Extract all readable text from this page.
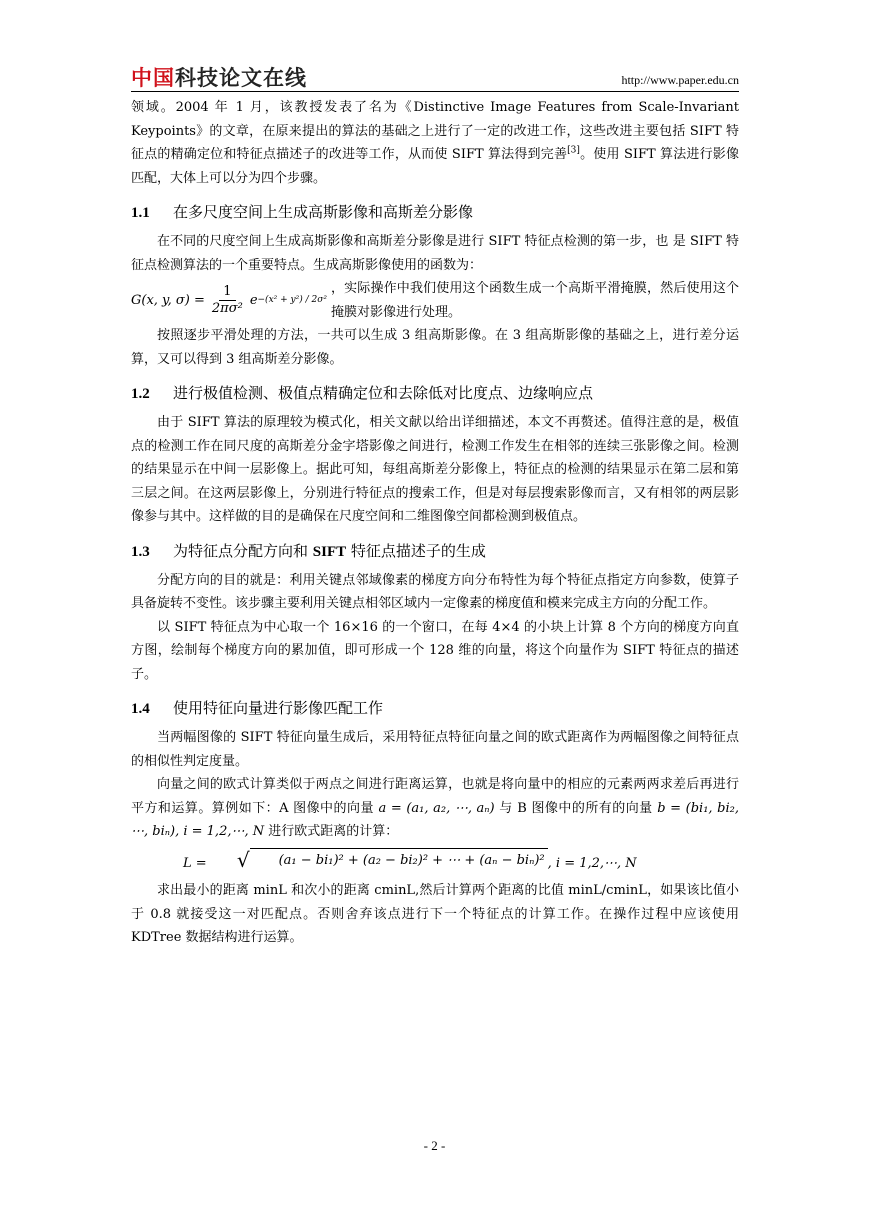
中国科技论文在线	http://www.paper.edu.cn

领域。2004 年 1 月，该教授发表了名为《Distinctive Image Features from Scale-Invariant Keypoints》的文章，在原来提出的算法的基础之上进行了一定的改进工作，这些改进主要包括 SIFT 特征点的精确定位和特征点描述子的改进等工作，从而使 SIFT 算法得到完善[3]。使用 SIFT 算法进行影像匹配，大体上可以分为四个步骤。

1.1 在多尺度空间上生成高斯影像和高斯差分影像

在不同的尺度空间上生成高斯影像和高斯差分影像是进行 SIFT 特征点检测的第一步，也 是 SIFT 特征点检测算法的一个重要特点。生成高斯影像使用的函数为：

G(x, y, $\sigma) = \frac{1}{\text{2πσ²}}$ e −(x² + y²) / 2σ²
，实际操作中我们使用这个函数生成一个高斯平滑掩膜，然后使用这个掩膜对影像进行处理。

按照逐步平滑处理的方法，一共可以生成 3 组高斯影像。在 3 组高斯影像的基础之上，进行差分运算，又可以得到 3 组高斯差分影像。

1.2 进行极值检测、极值点精确定位和去除低对比度点、边缘响应点

由于 SIFT 算法的原理较为模式化，相关文献以给出详细描述，本文不再赘述。值得注意的是，极值点的检测工作在同尺度的高斯差分金字塔影像之间进行，检测工作发生在相邻的连续三张影像之间。检测的结果显示在中间一层影像上。据此可知，每组高斯差分影像上，特征点的检测的结果显示在第二层和第三层之间。在这两层影像上，分别进行特征点的搜索工作，但是对每层搜索影像而言，又有相邻的两层影像参与其中。这样做的目的是确保在尺度空间和二维图像空间都检测到极值点。

1.3 为特征点分配方向和 SIFT 特征点描述子的生成

分配方向的目的就是：利用关键点邻域像素的梯度方向分布特性为每个特征点指定方向参数，使算子具备旋转不变性。该步骤主要利用关键点相邻区域内一定像素的梯度值和模来完成主方向的分配工作。

以 SIFT 特征点为中心取一个 16×16 的一个窗口，在每 4×4 的小块上计算 8 个方向的梯度方向直方图，绘制每个梯度方向的累加值，即可形成一个 128 维的向量，将这个向量作为 SIFT 特征点的描述子。

1.4 使用特征向量进行影像匹配工作

当两幅图像的 SIFT 特征向量生成后，采用特征点特征向量之间的欧式距离作为两幅图像之间特征点的相似性判定度量。

向量之间的欧式计算类似于两点之间进行距离运算，也就是将向量中的相应的元素两两求差后再进行平方和运算。算例如下：A 图像中的向量 a = (a₁, a₂, ⋯, aₙ) 与 B 图像中的所有的向量 b = (bi₁, bi₂, ⋯, biₙ), i = 1,2,⋯, N 进行欧式距离的计算：

L =	√	(a₁ − bi₁)² + (a₂ − bi₂)² + ⋯ + (aₙ − biₙ)² , i = 1,2,⋯, N

求出最小的距离 minL 和次小的距离 cminL,然后计算两个距离的比值 minL/cminL，如果该比值小于 0.8 就接受这一对匹配点。否则舍弃该点进行下一个特征点的计算工作。在操作过程中应该使用 KDTree 数据结构进行运算。

- 2 -
